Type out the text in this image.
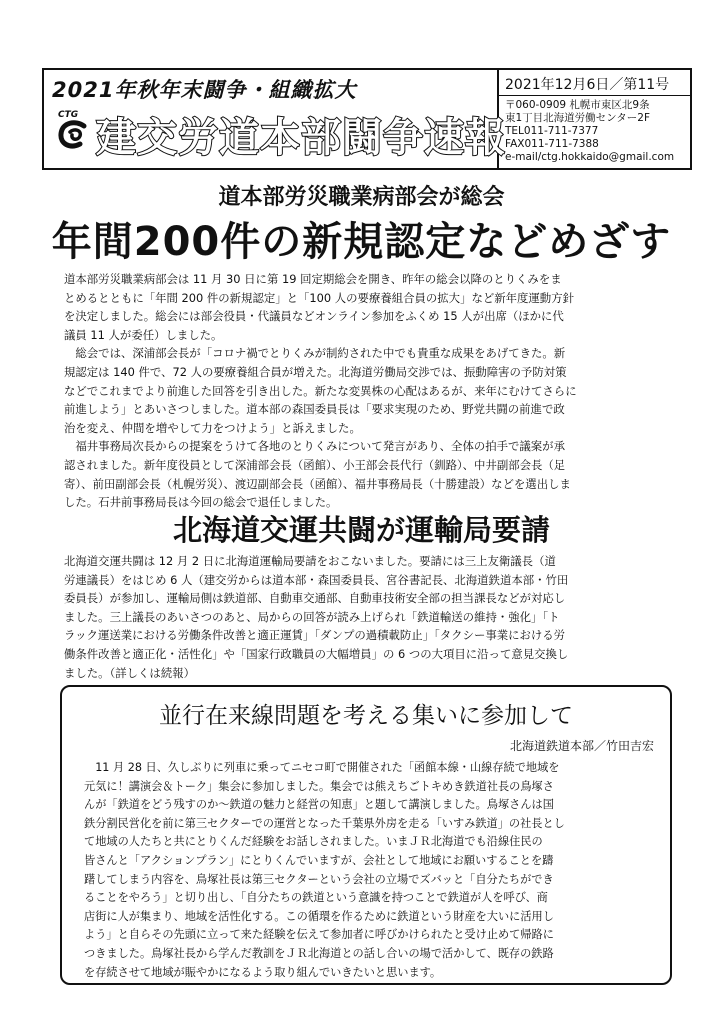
2021年秋年末闘争・組織拡大
CTG 建交労道本部闘争速報
2021年12月6日／第11号
〒060-0909 札幌市東区北9条
東1丁目北海道労働センター2F
TEL011-711-7377
FAX011-711-7388
e-mail/ctg.hokkaido@gmail.com
道本部労災職業病部会が総会
年間200件の新規認定などめざす

道本部労災職業病部会は 11 月 30 日に第 19 回定期総会を開き、昨年の総会以降のとりくみをま
とめるとともに「年間 200 件の新規認定」と「100 人の要療養組合員の拡大」など新年度運動方針
を決定しました。総会には部会役員・代議員などオンライン参加をふくめ 15 人が出席（ほかに代
議員 11 人が委任）しました。
　総会では、深浦部会長が「コロナ禍でとりくみが制約された中でも貴重な成果をあげてきた。新
規認定は 140 件で、72 人の要療養組合員が増えた。北海道労働局交渉では、振動障害の予防対策
などでこれまでより前進した回答を引き出した。新たな変異株の心配はあるが、来年にむけてさらに
前進しよう」とあいさつしました。道本部の森国委員長は「要求実現のため、野党共闘の前進で政
治を変え、仲間を増やして力をつけよう」と訴えました。
　福井事務局次長からの提案をうけて各地のとりくみについて発言があり、全体の拍手で議案が承
認されました。新年度役員として深浦部会長（函館）、小王部会長代行（釧路）、中井副部会長（足
寄）、前田副部会長（札幌労災）、渡辺副部会長（函館）、福井事務局長（十勝建設）などを選出しま
した。石井前事務局長は今回の総会で退任しました。

北海道交運共闘が運輸局要請

北海道交運共闘は 12 月 2 日に北海道運輸局要請をおこないました。要請には三上友衛議長（道
労連議長）をはじめ 6 人（建交労からは道本部・森国委員長、宮谷書記長、北海道鉄道本部・竹田
委員長）が参加し、運輸局側は鉄道部、自動車交通部、自動車技術安全部の担当課長などが対応し
ました。三上議長のあいさつのあと、局からの回答が読み上げられ「鉄道輸送の維持・強化」「ト
ラック運送業における労働条件改善と適正運賃」「ダンプの過積載防止」「タクシー事業における労
働条件改善と適正化・活性化」や「国家行政職員の大幅増員」の 6 つの大項目に沿って意見交換し
ました。（詳しくは続報）

並行在来線問題を考える集いに参加して
北海道鉄道本部／竹田吉宏

　11 月 28 日、久しぶりに列車に乗ってニセコ町で開催された「函館本線・山線存続で地域を
元気に！講演会＆トーク」集会に参加しました。集会では熊えちごトキめき鉄道社長の鳥塚さ
んが「鉄道をどう残すのか～鉄道の魅力と経営の知恵」と題して講演しました。鳥塚さんは国
鉄分割民営化を前に第三セクターでの運営となった千葉県外房を走る「いすみ鉄道」の社長とし
て地域の人たちと共にとりくんだ経験をお話しされました。いまＪＲ北海道でも沿線住民の
皆さんと「アクションプラン」にとりくんでいますが、会社として地域にお願いすることを躊
躇してしまう内容を、鳥塚社長は第三セクターという会社の立場でズバッと「自分たちができ
ることをやろう」と切り出し、「自分たちの鉄道という意識を持つことで鉄道が人を呼び、商
店街に人が集まり、地域を活性化する。この循環を作るために鉄道という財産を大いに活用し
よう」と自らその先頭に立って来た経験を伝えて参加者に呼びかけられたと受け止めて帰路に
つきました。鳥塚社長から学んだ教訓をＪＲ北海道との話し合いの場で活かして、既存の鉄路
を存続させて地域が賑やかになるよう取り組んでいきたいと思います。
